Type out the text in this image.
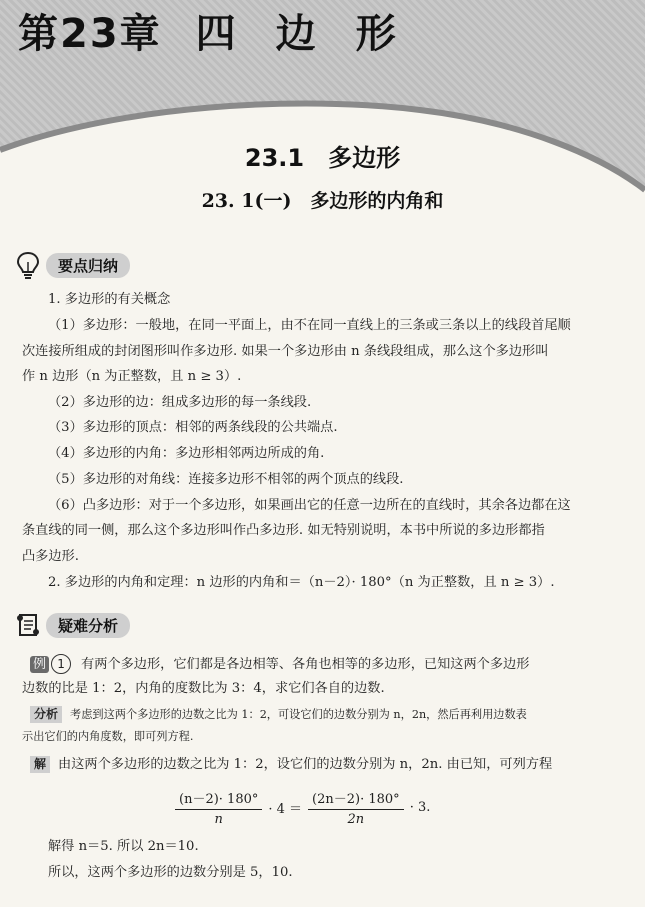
第23章 四边形
23.1　多边形
23. 1(一)　多边形的内角和
要点归纳
1. 多边形的有关概念
（1）多边形：一般地，在同一平面上，由不在同一直线上的三条或三条以上的线段首尾顺
次连接所组成的封闭图形叫作多边形. 如果一个多边形由 n 条线段组成，那么这个多边形叫
作 n 边形（n 为正整数，且 n ≥ 3）.
（2）多边形的边：组成多边形的每一条线段.
（3）多边形的顶点：相邻的两条线段的公共端点.
（4）多边形的内角：多边形相邻两边所成的角.
（5）多边形的对角线：连接多边形不相邻的两个顶点的线段.
（6）凸多边形：对于一个多边形，如果画出它的任意一边所在的直线时，其余各边都在这
条直线的同一侧，那么这个多边形叫作凸多边形. 如无特别说明，本书中所说的多边形都指
凸多边形.
2. 多边形的内角和定理：n 边形的内角和＝（n－2）· 180°（n 为正整数，且 n ≥ 3）.
疑难分析
例 1 有两个多边形，它们都是各边相等、各角也相等的多边形，已知这两个多边形
边数的比是 1：2，内角的度数比为 3：4，求它们各自的边数.
分析 考虑到这两个多边形的边数之比为 1：2，可设它们的边数分别为 n，2n，然后再利用边数表
示出它们的内角度数，即可列方程.
解 由这两个多边形的边数之比为 1：2，设它们的边数分别为 n，2n. 由已知，可列方程
$\frac{(n-2)\cdot 180^\circ}{n} \cdot 4 = \frac{(2n-2)\cdot 180^\circ}{2n} \cdot 3$.
解得 n＝5. 所以 2n＝10.
所以，这两个多边形的边数分别是 5，10.
